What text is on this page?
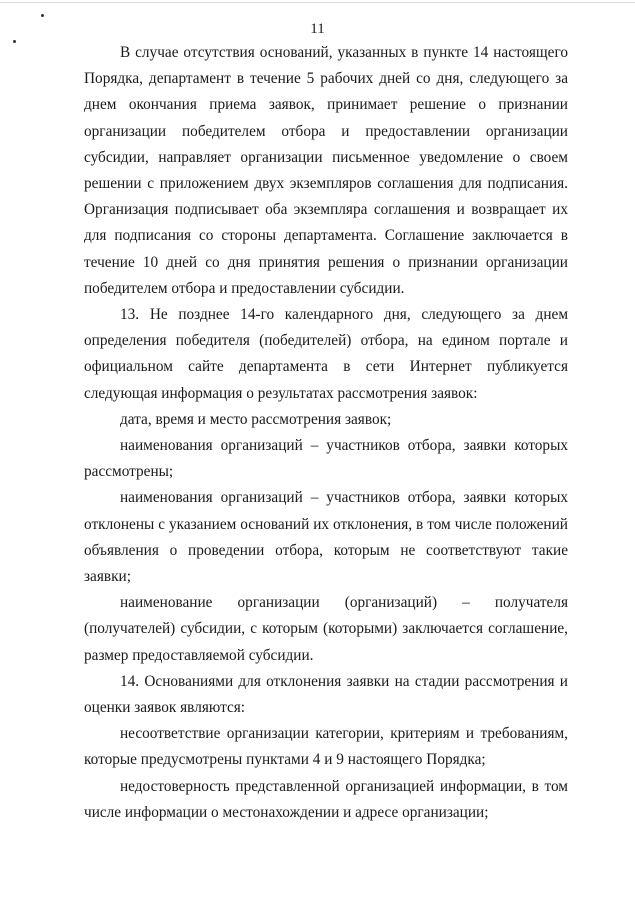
11

В случае отсутствия оснований, указанных в пункте 14 настоящего Порядка, департамент в течение 5 рабочих дней со дня, следующего за днем окончания приема заявок, принимает решение о признании организации победителем отбора и предоставлении организации субсидии, направляет организации письменное уведомление о своем решении с приложением двух экземпляров соглашения для подписания. Организация подписывает оба экземпляра соглашения и возвращает их для подписания со стороны департамента. Соглашение заключается в течение 10 дней со дня принятия решения о признании организации победителем отбора и предоставлении субсидии.

13. Не позднее 14-го календарного дня, следующего за днем определения победителя (победителей) отбора, на едином портале и официальном сайте департамента в сети Интернет публикуется следующая информация о результатах рассмотрения заявок:

дата, время и место рассмотрения заявок;

наименования организаций – участников отбора, заявки которых рассмотрены;

наименования организаций – участников отбора, заявки которых отклонены с указанием оснований их отклонения, в том числе положений объявления о проведении отбора, которым не соответствуют такие заявки;

наименование организации (организаций) – получателя (получателей) субсидии, с которым (которыми) заключается соглашение, размер предоставляемой субсидии.

14. Основаниями для отклонения заявки на стадии рассмотрения и оценки заявок являются:

несоответствие организации категории, критериям и требованиям, которые предусмотрены пунктами 4 и 9 настоящего Порядка;

недостоверность представленной организацией информации, в том числе информации о местонахождении и адресе организации;
